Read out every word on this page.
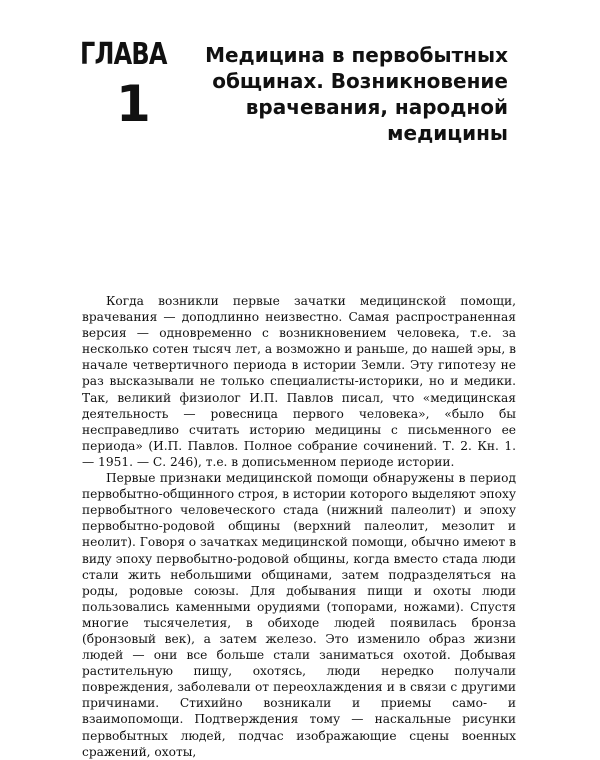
ГЛАВА
1
Медицина в первобытных общинах. Возникновение врачевания, народной медицины

Когда возникли первые зачатки медицинской помощи, врачевания — доподлинно неизвестно. Самая распространенная версия — одновременно с возникновением человека, т.е. за несколько сотен тысяч лет, а возможно и раньше, до нашей эры, в начале четвертичного периода в истории Земли. Эту гипотезу не раз высказывали не только специалисты-историки, но и медики. Так, великий физиолог И.П. Павлов писал, что «медицинская деятельность — ровесница первого человека», «было бы несправедливо считать историю медицины с письменного ее периода» (И.П. Павлов. Полное собрание сочинений. Т. 2. Кн. 1. — 1951. — С. 246), т.е. в дописьменном периоде истории.

Первые признаки медицинской помощи обнаружены в период первобытно-общинного строя, в истории которого выделяют эпоху первобытного человеческого стада (нижний палеолит) и эпоху первобытно-родовой общины (верхний палеолит, мезолит и неолит). Говоря о зачатках медицинской помощи, обычно имеют в виду эпоху первобытно-родовой общины, когда вместо стада люди стали жить небольшими общинами, затем подразделяться на роды, родовые союзы. Для добывания пищи и охоты люди пользовались каменными орудиями (топорами, ножами). Спустя многие тысячелетия, в обиходе людей появилась бронза (бронзовый век), а затем железо. Это изменило образ жизни людей — они все больше стали заниматься охотой. Добывая растительную пищу, охотясь, люди нередко получали повреждения, заболевали от переохлаждения и в связи с другими причинами. Стихийно возникали и приемы само- и взаимопомощи. Подтверждения тому — наскальные рисунки первобытных людей, подчас изображающие сцены военных сражений, охоты,
